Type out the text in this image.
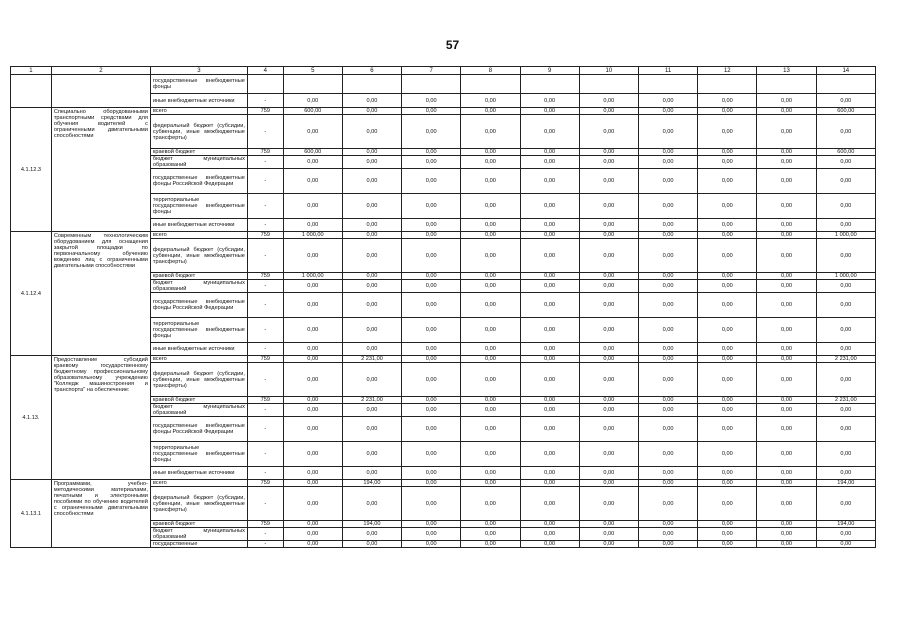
57
1	2	3	4	5	6	7	8	9	10	11	12	13	14
		государственные внебюджетные фонды											
		иные внебюджетные источники	-	0,00	0,00	0,00	0,00	0,00	0,00	0,00	0,00	0,00	0,00
4.1.12.3	Специально оборудованными транспортными средствами для обучения водителей с ограниченными двигательными способностями	всего	759	600,00	0,00	0,00	0,00	0,00	0,00	0,00	0,00	0,00	600,00
		федеральный бюджет (субсидии, субвенции, иные межбюджетные трансферты)	-	0,00	0,00	0,00	0,00	0,00	0,00	0,00	0,00	0,00	0,00
		краевой бюджет	759	600,00	0,00	0,00	0,00	0,00	0,00	0,00	0,00	0,00	600,00
		бюджет муниципальных образований	-	0,00	0,00	0,00	0,00	0,00	0,00	0,00	0,00	0,00	0,00
		государственные внебюджетные фонды Российской Федерации	-	0,00	0,00	0,00	0,00	0,00	0,00	0,00	0,00	0,00	0,00
		территориальные государственные внебюджетные фонды	-	0,00	0,00	0,00	0,00	0,00	0,00	0,00	0,00	0,00	0,00
		иные внебюджетные источники	-	0,00	0,00	0,00	0,00	0,00	0,00	0,00	0,00	0,00	0,00
4.1.12.4	Современным технологическим оборудованием для оснащения закрытой площадки по первоначальному обучению вождению лиц с ограниченными двигательными способностями	всего	759	1 000,00	0,00	0,00	0,00	0,00	0,00	0,00	0,00	0,00	1 000,00
		федеральный бюджет (субсидии, субвенции, иные межбюджетные трансферты)	-	0,00	0,00	0,00	0,00	0,00	0,00	0,00	0,00	0,00	0,00
		краевой бюджет	759	1 000,00	0,00	0,00	0,00	0,00	0,00	0,00	0,00	0,00	1 000,00
		бюджет муниципальных образований	-	0,00	0,00	0,00	0,00	0,00	0,00	0,00	0,00	0,00	0,00
		государственные внебюджетные фонды Российской Федерации	-	0,00	0,00	0,00	0,00	0,00	0,00	0,00	0,00	0,00	0,00
		территориальные государственные внебюджетные фонды	-	0,00	0,00	0,00	0,00	0,00	0,00	0,00	0,00	0,00	0,00
		иные внебюджетные источники	-	0,00	0,00	0,00	0,00	0,00	0,00	0,00	0,00	0,00	0,00
4.1.13.	Предоставление субсидий краевому государственному бюджетному профессиональному образовательному учреждению "Колледж машиностроения и транспорта" на обеспечение:	всего	759	0,00	2 231,00	0,00	0,00	0,00	0,00	0,00	0,00	0,00	2 231,00
		федеральный бюджет (субсидии, субвенции, иные межбюджетные трансферты)	-	0,00	0,00	0,00	0,00	0,00	0,00	0,00	0,00	0,00	0,00
		краевой бюджет	759	0,00	2 231,00	0,00	0,00	0,00	0,00	0,00	0,00	0,00	2 231,00
		бюджет муниципальных образований	-	0,00	0,00	0,00	0,00	0,00	0,00	0,00	0,00	0,00	0,00
		государственные внебюджетные фонды Российской Федерации	-	0,00	0,00	0,00	0,00	0,00	0,00	0,00	0,00	0,00	0,00
		территориальные государственные внебюджетные фонды	-	0,00	0,00	0,00	0,00	0,00	0,00	0,00	0,00	0,00	0,00
		иные внебюджетные источники	-	0,00	0,00	0,00	0,00	0,00	0,00	0,00	0,00	0,00	0,00
4.1.13.1	Программами, учебно-методическими материалами, печатными и электронными пособиями по обучению водителей с ограниченными двигательными способностями	всего	759	0,00	194,00	0,00	0,00	0,00	0,00	0,00	0,00	0,00	194,00
		федеральный бюджет (субсидии, субвенции, иные межбюджетные трансферты)	-	0,00	0,00	0,00	0,00	0,00	0,00	0,00	0,00	0,00	0,00
		краевой бюджет	759	0,00	194,00	0,00	0,00	0,00	0,00	0,00	0,00	0,00	194,00
		бюджет муниципальных образований	-	0,00	0,00	0,00	0,00	0,00	0,00	0,00	0,00	0,00	0,00
		государственные	-	0,00	0,00	0,00	0,00	0,00	0,00	0,00	0,00	0,00	0,00
